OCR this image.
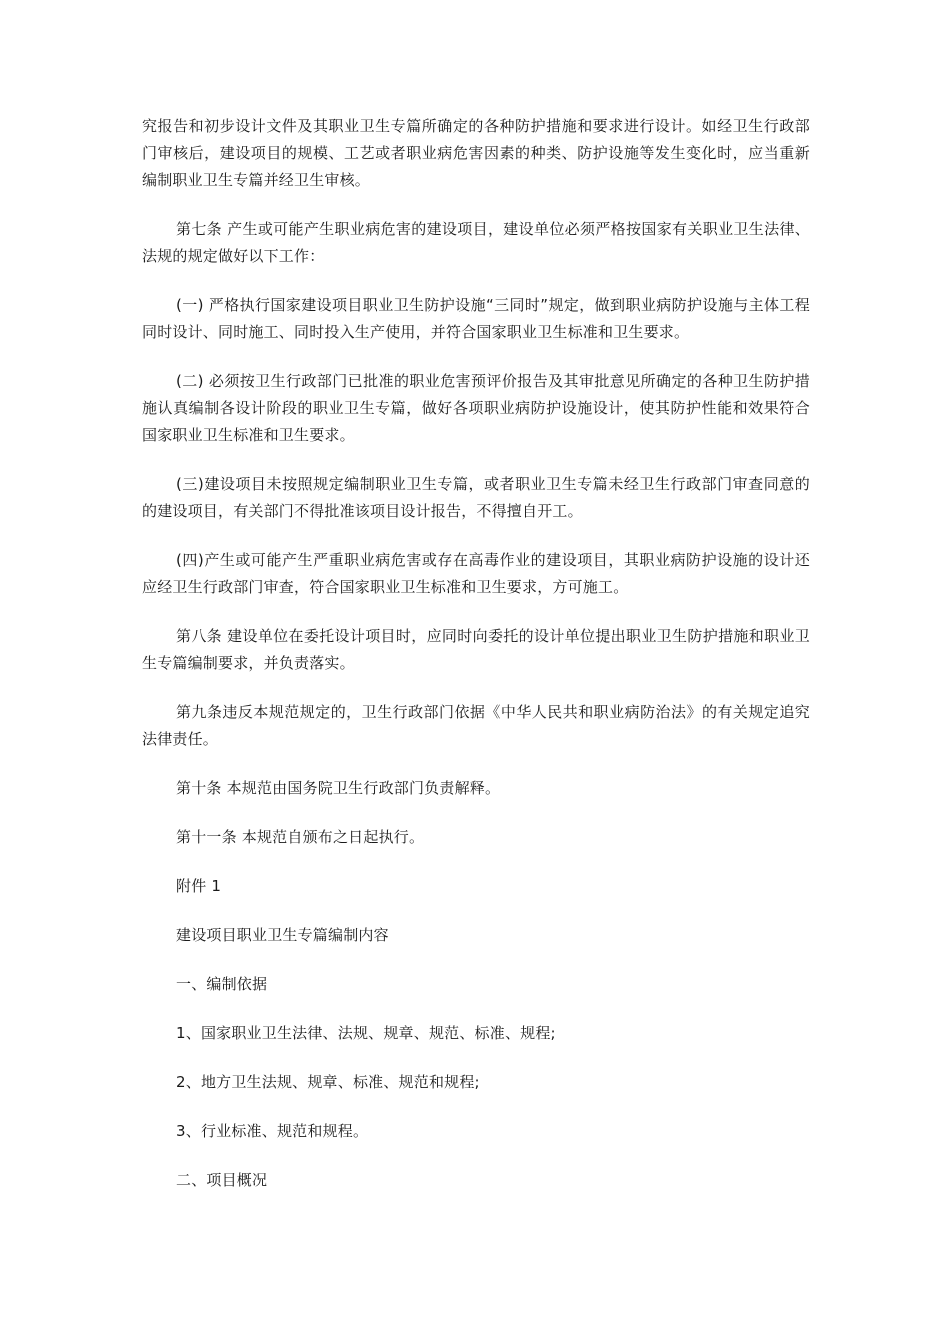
究报告和初步设计文件及其职业卫生专篇所确定的各种防护措施和要求进行设计。如经卫生行政部门审核后，建设项目的规模、工艺或者职业病危害因素的种类、防护设施等发生变化时，应当重新编制职业卫生专篇并经卫生审核。

第七条 产生或可能产生职业病危害的建设项目，建设单位必须严格按国家有关职业卫生法律、法规的规定做好以下工作：

(一) 严格执行国家建设项目职业卫生防护设施“三同时”规定，做到职业病防护设施与主体工程同时设计、同时施工、同时投入生产使用，并符合国家职业卫生标准和卫生要求。

(二) 必须按卫生行政部门已批准的职业危害预评价报告及其审批意见所确定的各种卫生防护措施认真编制各设计阶段的职业卫生专篇，做好各项职业病防护设施设计，使其防护性能和效果符合国家职业卫生标准和卫生要求。

(三)建设项目未按照规定编制职业卫生专篇，或者职业卫生专篇未经卫生行政部门审查同意的的建设项目，有关部门不得批准该项目设计报告，不得擅自开工。

(四)产生或可能产生严重职业病危害或存在高毒作业的建设项目，其职业病防护设施的设计还应经卫生行政部门审查，符合国家职业卫生标准和卫生要求，方可施工。

第八条 建设单位在委托设计项目时，应同时向委托的设计单位提出职业卫生防护措施和职业卫生专篇编制要求，并负责落实。

第九条违反本规范规定的，卫生行政部门依据《中华人民共和职业病防治法》的有关规定追究法律责任。

第十条 本规范由国务院卫生行政部门负责解释。

第十一条 本规范自颁布之日起执行。

附件 1

建设项目职业卫生专篇编制内容

一、编制依据

1、国家职业卫生法律、法规、规章、规范、标准、规程;

2、地方卫生法规、规章、标准、规范和规程;

3、行业标准、规范和规程。

二、项目概况
